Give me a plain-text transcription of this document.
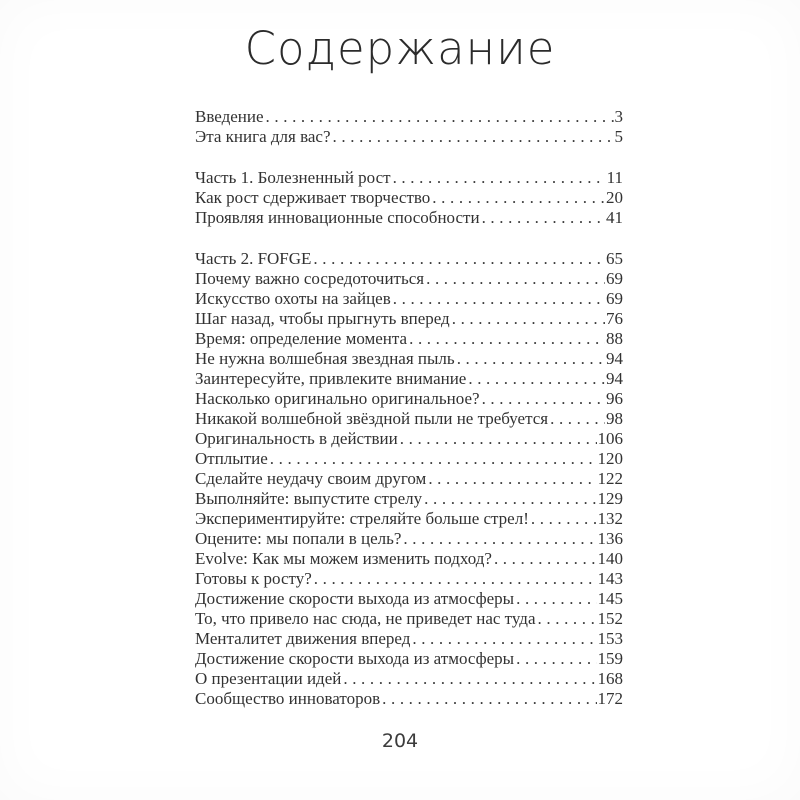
Содержание
Введение .....	3
Эта книга для вас? .....	5
Часть 1. Болезненный рост .....	11
Как рост сдерживает творчество .....	20
Проявляя инновационные способности .....	41
Часть 2. FOFGE .....	65
Почему важно сосредоточиться .....	69
Искусство охоты на зайцев .....	69
Шаг назад, чтобы прыгнуть вперед .....	76
Время: определение момента .....	88
Не нужна волшебная звездная пыль .....	94
Заинтересуйте, привлеките внимание .....	94
Насколько оригинально оригинальное? .....	96
Никакой волшебной звёздной пыли не требуется .....	98
Оригинальность в действии .....	106
Отплытие .....	120
Сделайте неудачу своим другом .....	122
Выполняйте: выпустите стрелу .....	129
Экспериментируйте: стреляйте больше стрел! .....	132
Оцените: мы попали в цель? .....	136
Evolve: Как мы можем изменить подход? .....	140
Готовы к росту? .....	143
Достижение скорости выхода из атмосферы .....	145
То, что привело нас сюда, не приведет нас туда .....	152
Менталитет движения вперед .....	153
Достижение скорости выхода из атмосферы .....	159
О презентации идей .....	168
Сообщество инноваторов .....	172
204
